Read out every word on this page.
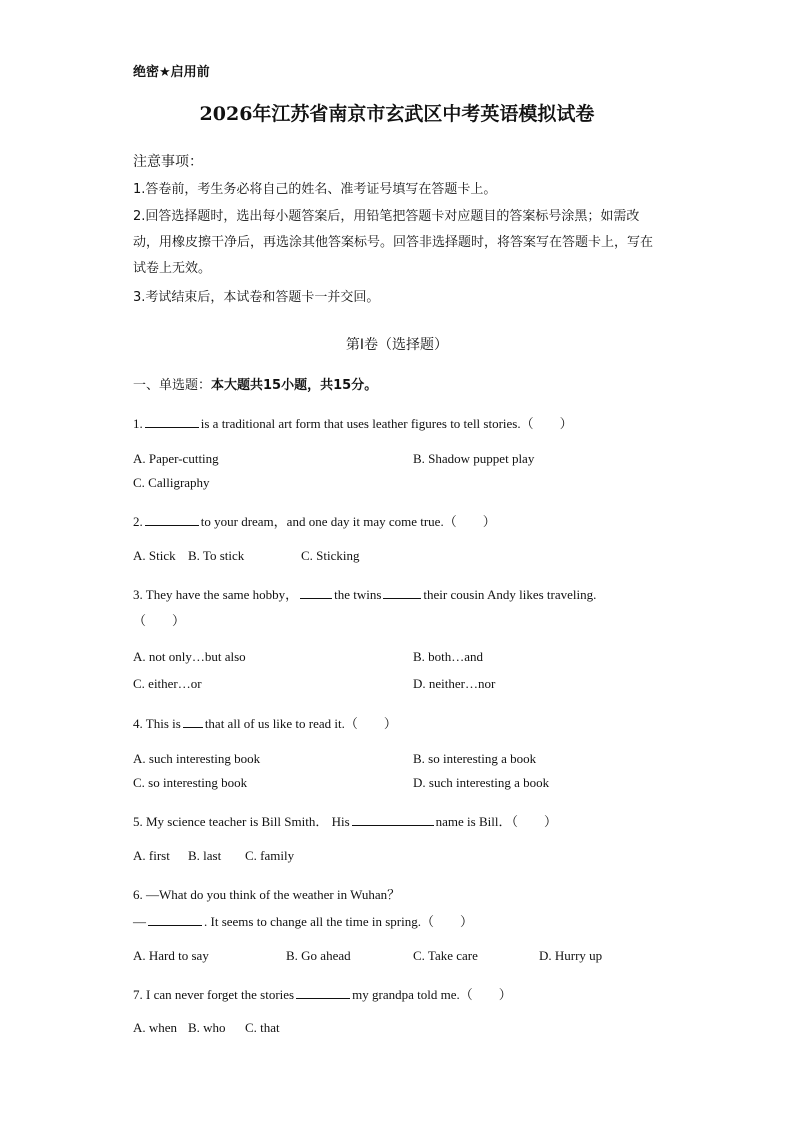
绝密★启用前
2026年江苏省南京市玄武区中考英语模拟试卷
注意事项：
1.答卷前，考生务必将自己的姓名、准考证号填写在答题卡上。
2.回答选择题时，选出每小题答案后，用铅笔把答题卡对应题目的答案标号涂黑；如需改动，用橡皮擦干净后，再选涂其他答案标号。回答非选择题时，将答案写在答题卡上，写在试卷上无效。
3.考试结束后，本试卷和答题卡一并交回。
第I卷（选择题）
一、单选题：本大题共15小题，共15分。
1.	is a traditional art form that uses leather figures to tell stories.（　　）
A. Paper-cutting	B. Shadow puppet play
C. Calligraphy
2.	to your dream，and one day it may come true.（　　）
A. Stick B. To stick	C. Sticking
3. They have the same hobby，	the twins	their cousin Andy likes traveling.
（　　）
A. not only…but also	B. both…and
C. either…or	D. neither…nor
4. This is that all of us like to read it.（　　）
A. such interesting book	B. so interesting a book
C. so interesting book	D. such interesting a book
5. My science teacher is Bill Smith． His	name is Bill．（　　）
A. first B. last C. family
6. —What do you think of the weather in Wuhan？
—	. It seems to change all the time in spring.（　　）
A. Hard to say	B. Go ahead	C. Take care	D. Hurry up
7. I can never forget the stories	my grandpa told me.（　　）
A. when B. who C. that
